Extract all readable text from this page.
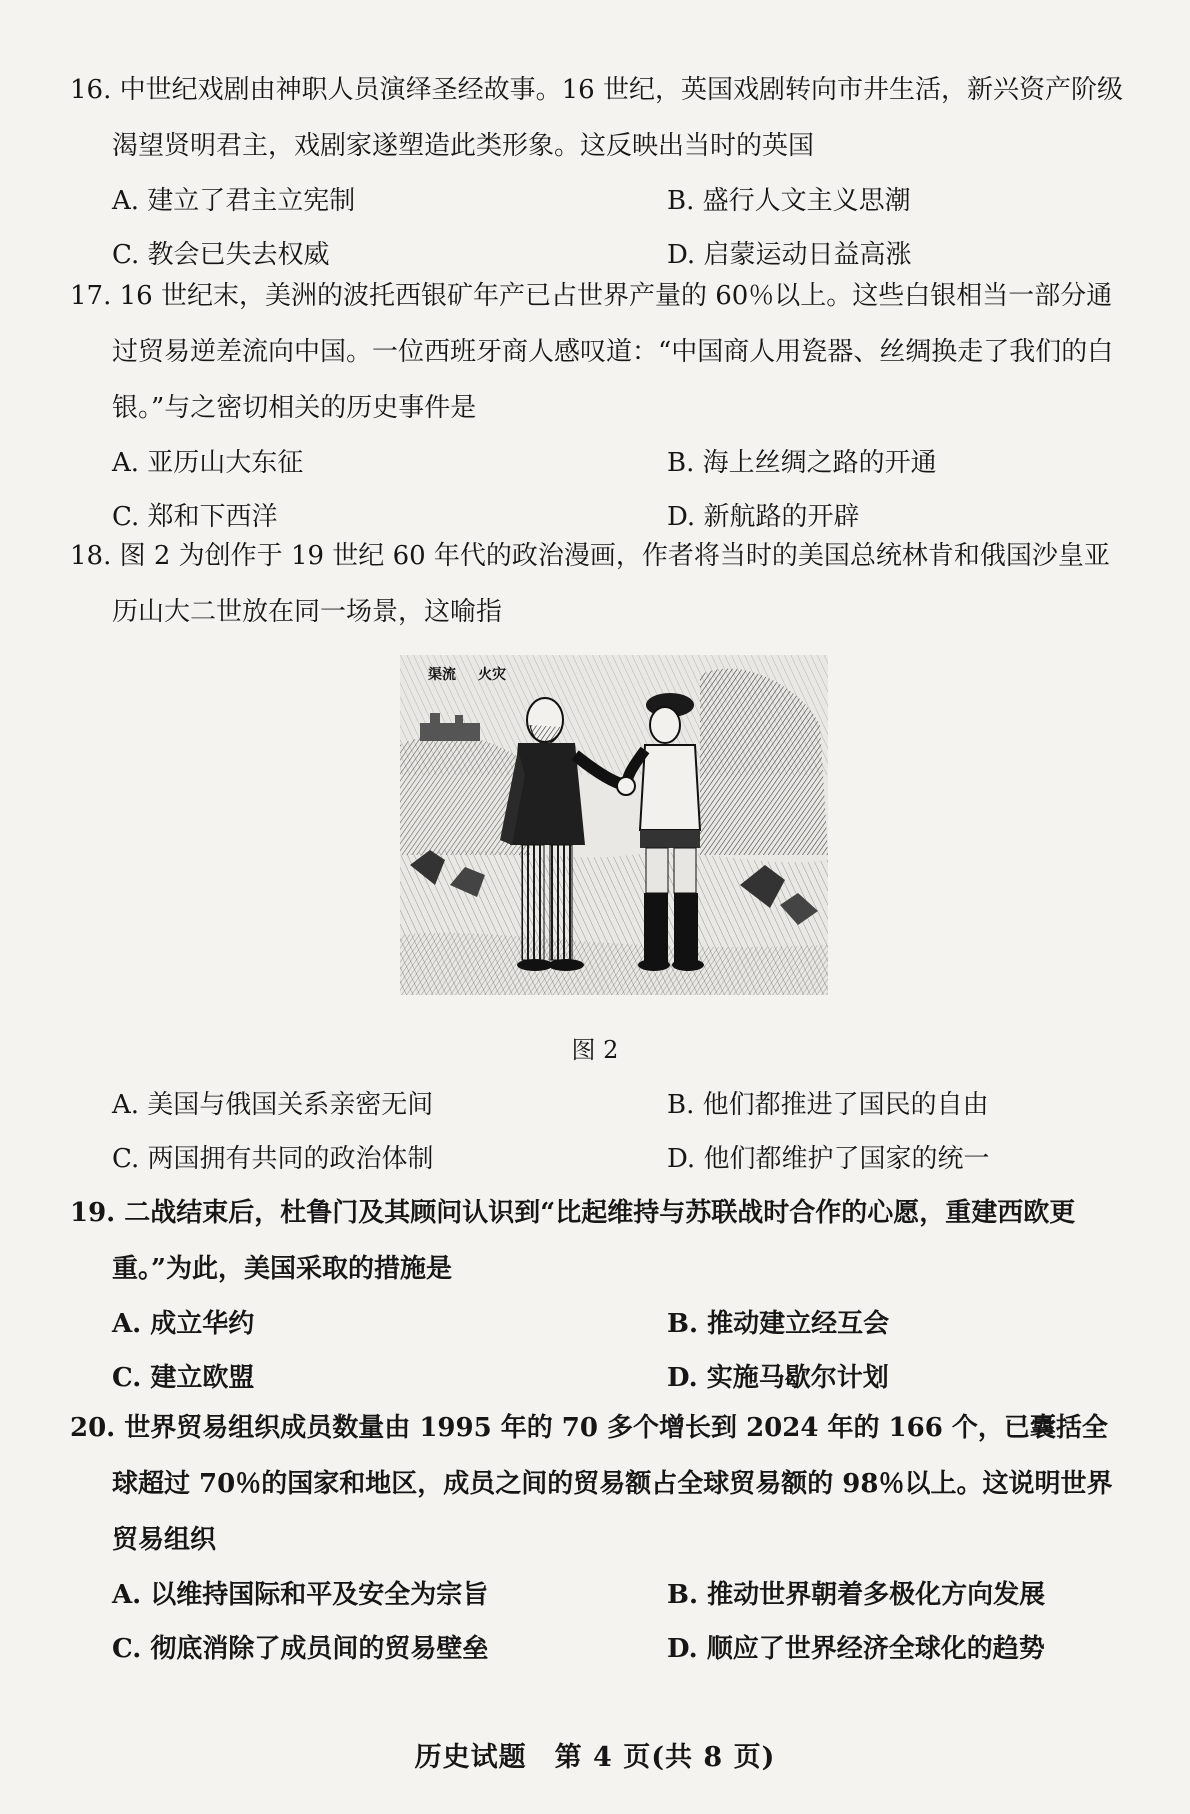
16. 中世纪戏剧由神职人员演绎圣经故事。16 世纪，英国戏剧转向市井生活，新兴资产阶级渴望贤明君主，戏剧家遂塑造此类形象。这反映出当时的英国
A. 建立了君主立宪制	B. 盛行人文主义思潮
C. 教会已失去权威	D. 启蒙运动日益高涨
17. 16 世纪末，美洲的波托西银矿年产已占世界产量的 60％以上。这些白银相当一部分通过贸易逆差流向中国。一位西班牙商人感叹道：“中国商人用瓷器、丝绸换走了我们的白银。”与之密切相关的历史事件是
A. 亚历山大东征	B. 海上丝绸之路的开通
C. 郑和下西洋	D. 新航路的开辟
18. 图 2 为创作于 19 世纪 60 年代的政治漫画，作者将当时的美国总统林肯和俄国沙皇亚历山大二世放在同一场景，这喻指
渠流 火灾
图 2
A. 美国与俄国关系亲密无间	B. 他们都推进了国民的自由
C. 两国拥有共同的政治体制	D. 他们都维护了国家的统一
19. 二战结束后，杜鲁门及其顾问认识到“比起维持与苏联战时合作的心愿，重建西欧更重。”为此，美国采取的措施是
A. 成立华约	B. 推动建立经互会
C. 建立欧盟	D. 实施马歇尔计划
20. 世界贸易组织成员数量由 1995 年的 70 多个增长到 2024 年的 166 个，已囊括全球超过 70％的国家和地区，成员之间的贸易额占全球贸易额的 98％以上。这说明世界贸易组织
A. 以维持国际和平及安全为宗旨	B. 推动世界朝着多极化方向发展
C. 彻底消除了成员间的贸易壁垒	D. 顺应了世界经济全球化的趋势
历史试题　第 4 页(共 8 页)
